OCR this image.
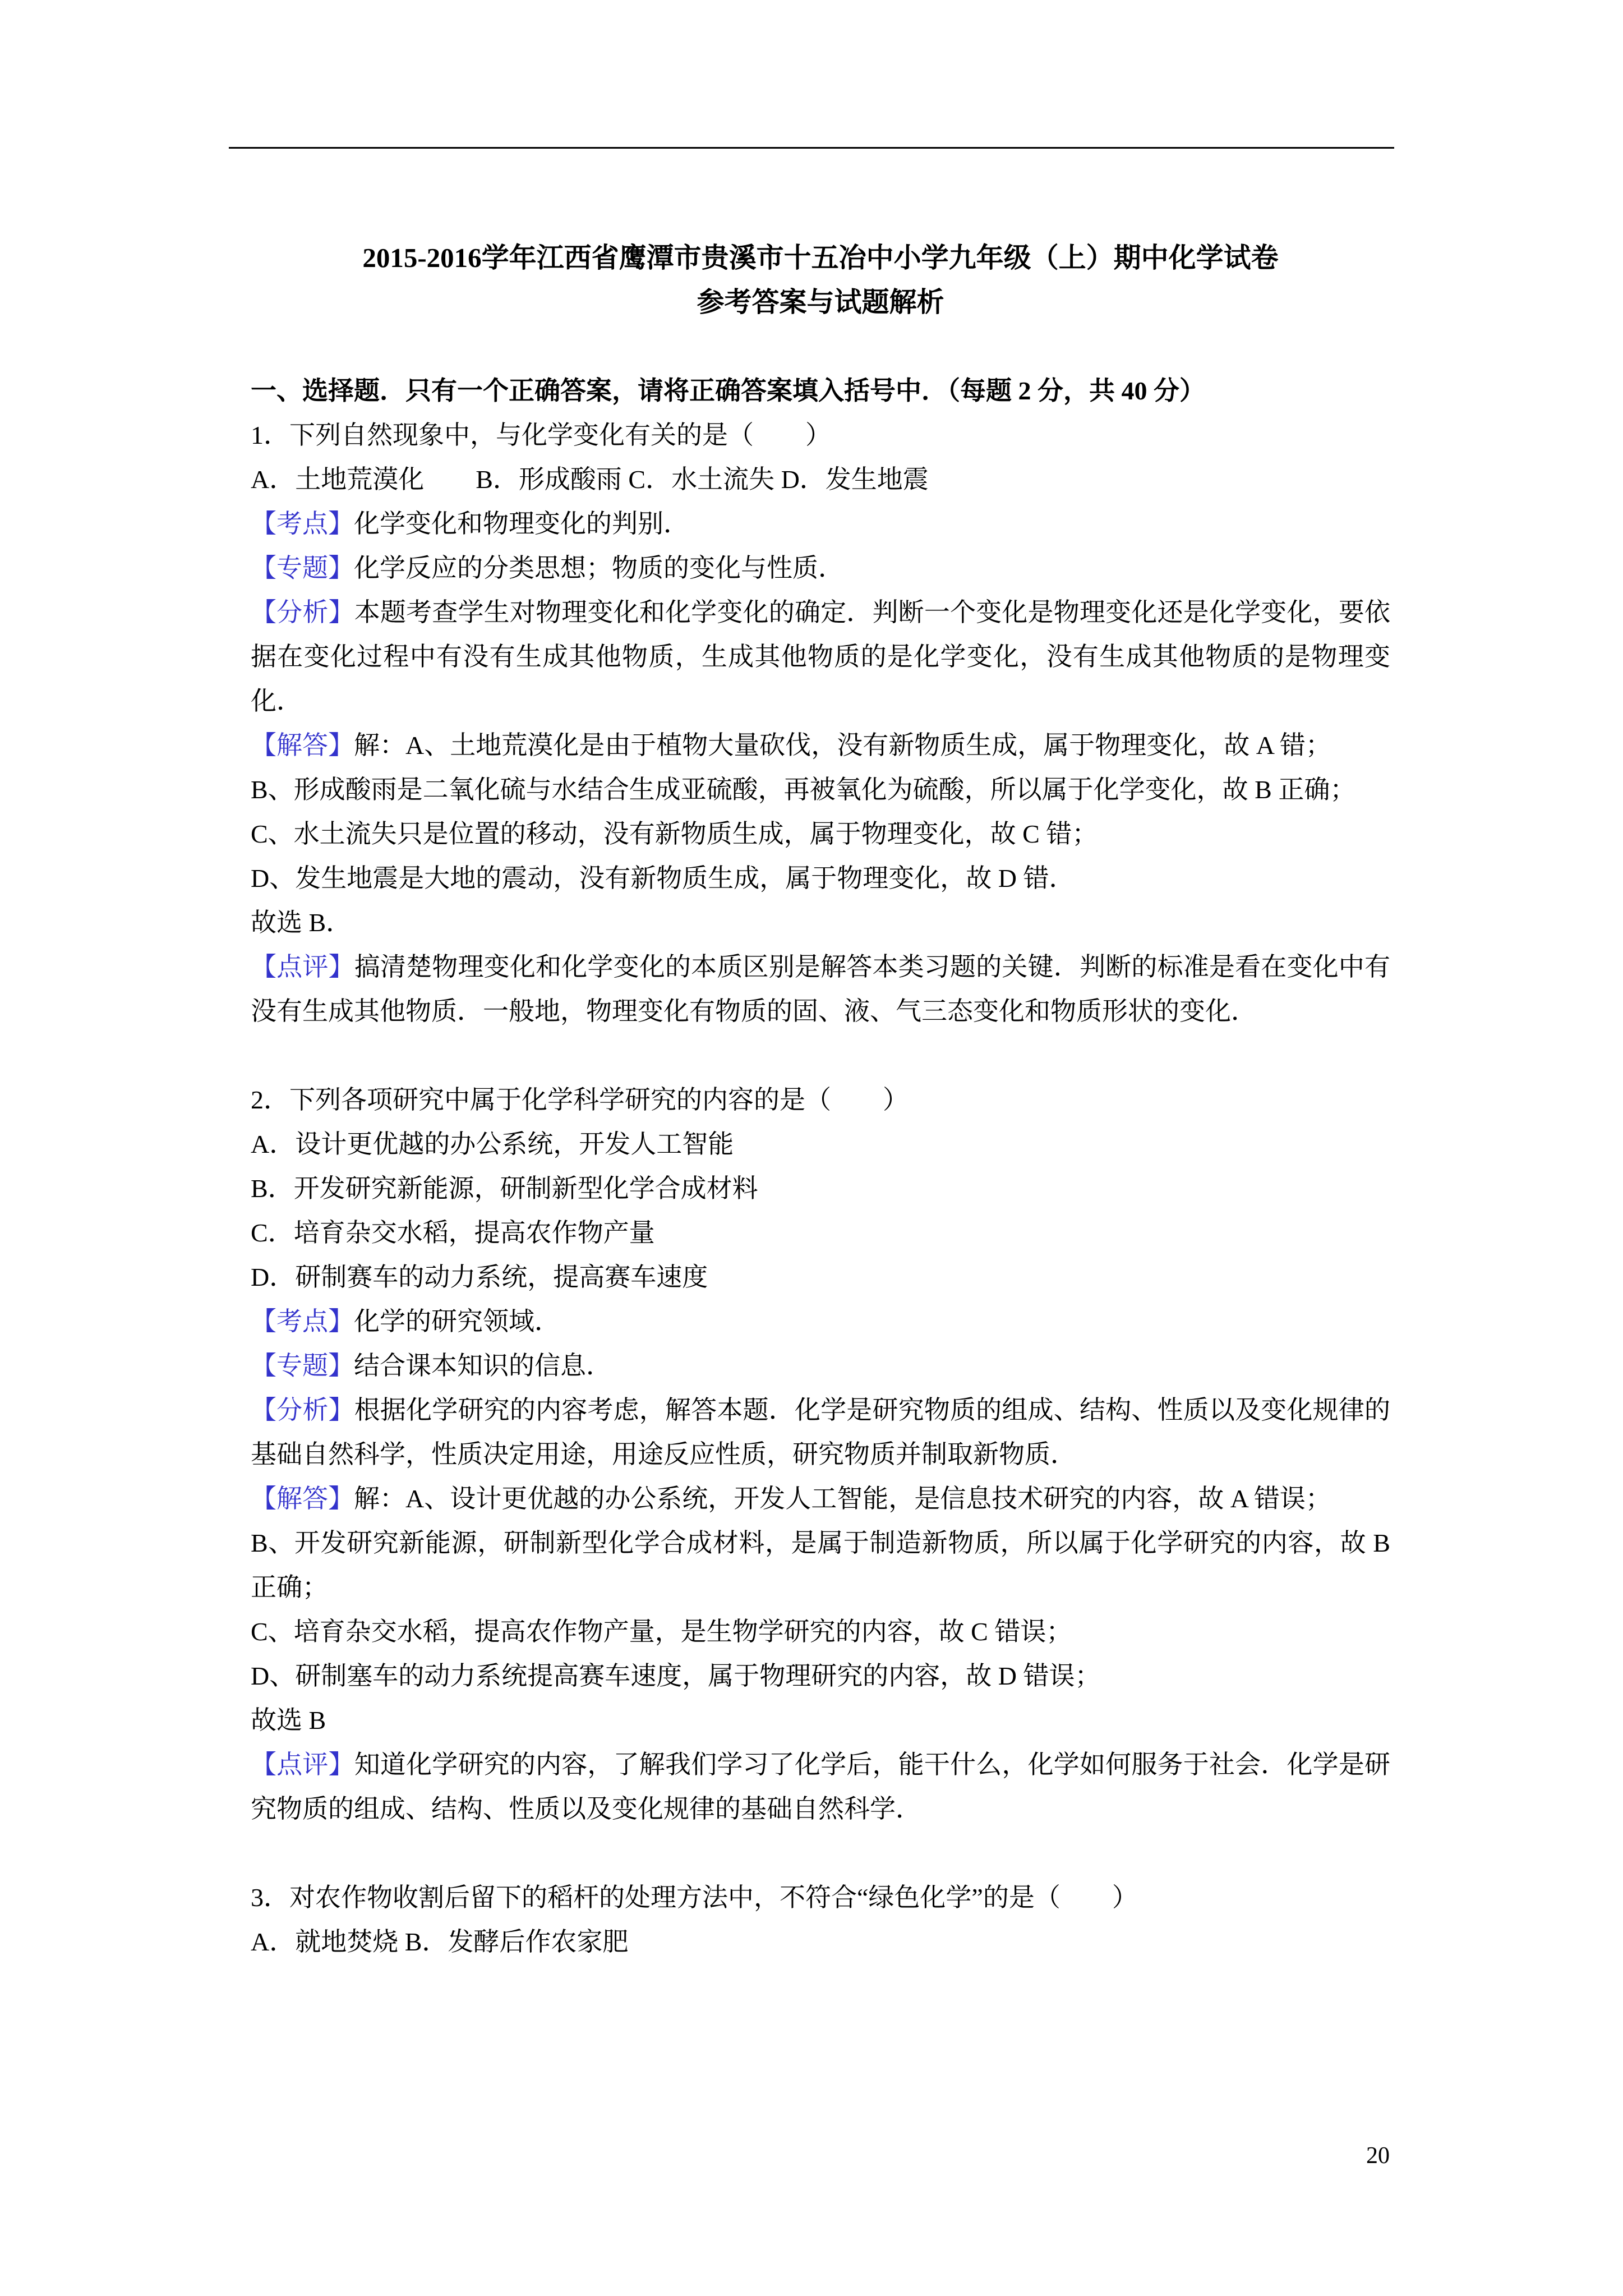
2015-2016学年江西省鹰潭市贵溪市十五冶中小学九年级（上）期中化学试卷

参考答案与试题解析

一、选择题．只有一个正确答案，请将正确答案填入括号中．（每题 2 分，共 40 分）

1．下列自然现象中，与化学变化有关的是（　　）

A．土地荒漠化　　B．形成酸雨 C．水土流失 D．发生地震

【考点】化学变化和物理变化的判别．

【专题】化学反应的分类思想；物质的变化与性质．

【分析】本题考查学生对物理变化和化学变化的确定．判断一个变化是物理变化还是化学变化，要依据在变化过程中有没有生成其他物质，生成其他物质的是化学变化，没有生成其他物质的是物理变化．

【解答】解：A、土地荒漠化是由于植物大量砍伐，没有新物质生成，属于物理变化，故 A 错；

B、形成酸雨是二氧化硫与水结合生成亚硫酸，再被氧化为硫酸，所以属于化学变化，故 B 正确；

C、水土流失只是位置的移动，没有新物质生成，属于物理变化，故 C 错；

D、发生地震是大地的震动，没有新物质生成，属于物理变化，故 D 错．

故选 B．

【点评】搞清楚物理变化和化学变化的本质区别是解答本类习题的关键．判断的标准是看在变化中有没有生成其他物质．一般地，物理变化有物质的固、液、气三态变化和物质形状的变化．

2．下列各项研究中属于化学科学研究的内容的是（　　）

A．设计更优越的办公系统，开发人工智能

B．开发研究新能源，研制新型化学合成材料

C．培育杂交水稻，提高农作物产量

D．研制赛车的动力系统，提高赛车速度

【考点】化学的研究领域．

【专题】结合课本知识的信息．

【分析】根据化学研究的内容考虑，解答本题．化学是研究物质的组成、结构、性质以及变化规律的基础自然科学，性质决定用途，用途反应性质，研究物质并制取新物质．

【解答】解：A、设计更优越的办公系统，开发人工智能，是信息技术研究的内容，故 A 错误；

B、开发研究新能源，研制新型化学合成材料，是属于制造新物质，所以属于化学研究的内容，故 B 正确；

C、培育杂交水稻，提高农作物产量，是生物学研究的内容，故 C 错误；

D、研制塞车的动力系统提高赛车速度，属于物理研究的内容，故 D 错误；

故选 B

【点评】知道化学研究的内容，了解我们学习了化学后，能干什么，化学如何服务于社会．化学是研究物质的组成、结构、性质以及变化规律的基础自然科学．

3．对农作物收割后留下的稻杆的处理方法中，不符合“绿色化学”的是（　　）

A．就地焚烧 B．发酵后作农家肥

20
